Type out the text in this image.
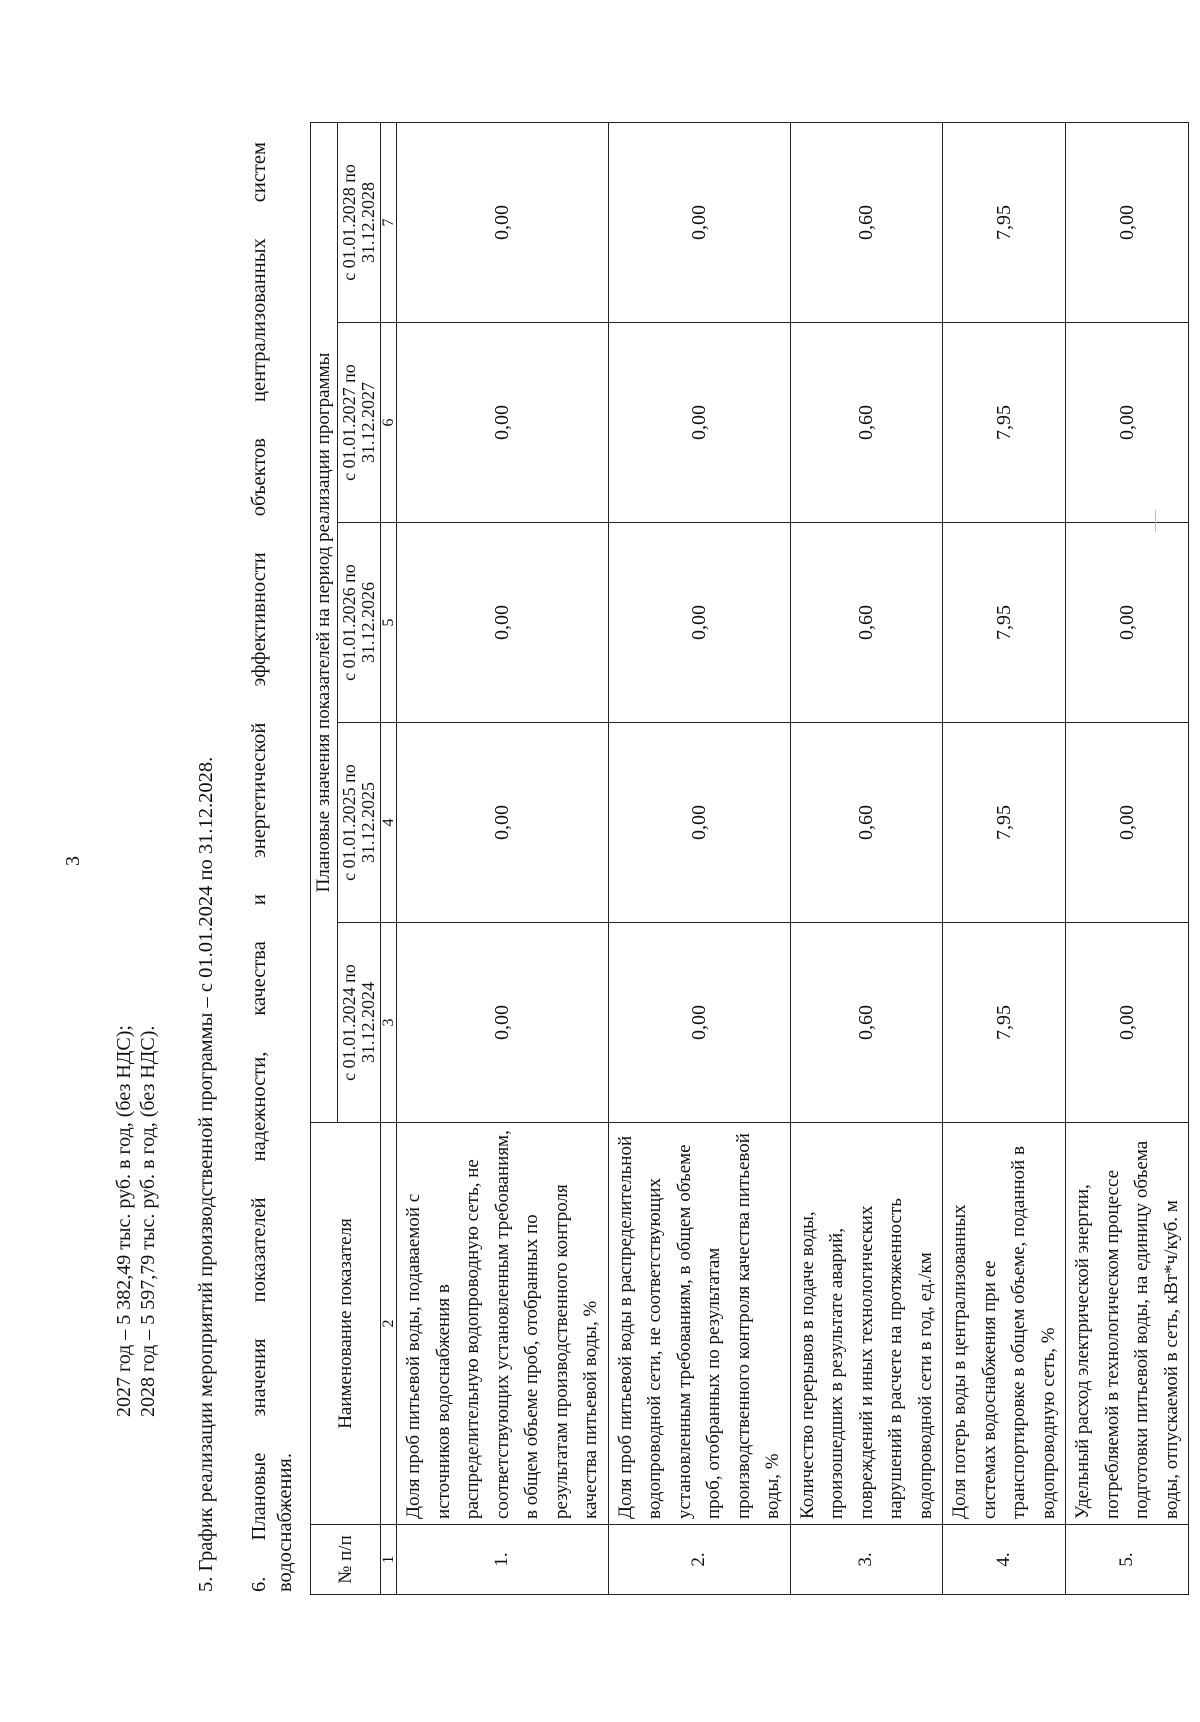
3
2027 год – 5 382,49 тыс. руб. в год, (без НДС); 2028 год – 5 597,79 тыс. руб. в год, (без НДС). 5. График реализации мероприятий производственной программы – с 01.01.2024 по 31.12.2028. 6. Плановые значения показателей надежности, качества и энергетической эффективности объектов централизованных систем водоснабжения. № п/п	Наименование показателя	Плановые значения показателей на период реализации программы				
		с 01.01.2024 по 31.12.2024	с 01.01.2025 по 31.12.2025	с 01.01.2026 по 31.12.2026	с 01.01.2027 по 31.12.2027	с 01.01.2028 по 31.12.2028
1	2	3	4	5	6	7
1.	Доля проб питьевой воды, подаваемой с источников водоснабжения в распределительную водопроводную сеть, не соответствующих установленным требованиям, в общем объеме проб, отобранных по результатам производственного контроля качества питьевой воды, %	0,00	0,00	0,00	0,00	0,00
2.	Доля проб питьевой воды в распределительной водопроводной сети, не соответствующих установленным требованиям, в общем объеме проб, отобранных по результатам производственного контроля качества питьевой воды, %	0,00	0,00	0,00	0,00	0,00
3.	Количество перерывов в подаче воды, произошедших в результате аварий, повреждений и иных технологических нарушений в расчете на протяженность водопроводной сети в год, ед./км	0,60	0,60	0,60	0,60	0,60
4.	Доля потерь воды в централизованных системах водоснабжения при ее транспортировке в общем объеме, поданной в водопроводную сеть, %	7,95	7,95	7,95	7,95	7,95
5.	Удельный расход электрической энергии, потребляемой в технологическом процессе подготовки питьевой воды, на единицу объема воды, отпускаемой в сеть, кВт*ч/куб. м	0,00	0,00	0,00	0,00	0,00
